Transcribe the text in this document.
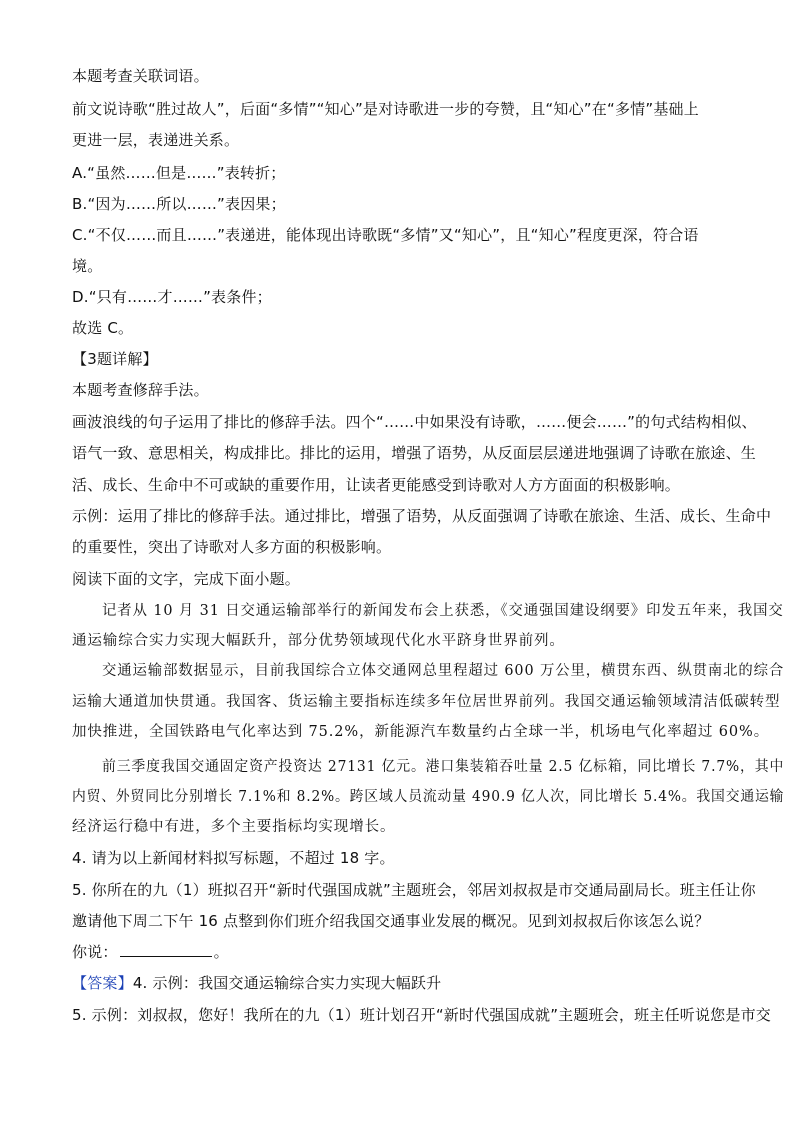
本题考查关联词语。
前文说诗歌“胜过故人”，后面“多情”“知心”是对诗歌进一步的夸赞，且“知心”在“多情”基础上
更进一层，表递进关系。
A.“虽然……但是……”表转折；
B.“因为……所以……”表因果；
C.“不仅……而且……”表递进，能体现出诗歌既“多情”又“知心”，且“知心”程度更深，符合语
境。
D.“只有……才……”表条件；
故选 C。
【3题详解】
本题考查修辞手法。
画波浪线的句子运用了排比的修辞手法。四个“……中如果没有诗歌，……便会……”的句式结构相似、
语气一致、意思相关，构成排比。排比的运用，增强了语势，从反面层层递进地强调了诗歌在旅途、生
活、成长、生命中不可或缺的重要作用，让读者更能感受到诗歌对人方方面面的积极影响。
示例：运用了排比的修辞手法。通过排比，增强了语势，从反面强调了诗歌在旅途、生活、成长、生命中
的重要性，突出了诗歌对人多方面的积极影响。
阅读下面的文字，完成下面小题。
记者从 10 月 31 日交通运输部举行的新闻发布会上获悉，《交通强国建设纲要》印发五年来，我国交
通运输综合实力实现大幅跃升，部分优势领域现代化水平跻身世界前列。
交通运输部数据显示，目前我国综合立体交通网总里程超过 600 万公里，横贯东西、纵贯南北的综合
运输大通道加快贯通。我国客、货运输主要指标连续多年位居世界前列。我国交通运输领域清洁低碳转型
加快推进，全国铁路电气化率达到 75.2%，新能源汽车数量约占全球一半，机场电气化率超过 60%。
前三季度我国交通固定资产投资达 27131 亿元。港口集装箱吞吐量 2.5 亿标箱，同比增长 7.7%，其中
内贸、外贸同比分别增长 7.1%和 8.2%。跨区域人员流动量 490.9 亿人次，同比增长 5.4%。我国交通运输
经济运行稳中有进，多个主要指标均实现增长。
4. 请为以上新闻材料拟写标题，不超过 18 字。
5. 你所在的九（1）班拟召开“新时代强国成就”主题班会，邻居刘叔叔是市交通局副局长。班主任让你
邀请他下周二下午 16 点整到你们班介绍我国交通事业发展的概况。见到刘叔叔后你该怎么说？
你说：	。
【答案】4. 示例：我国交通运输综合实力实现大幅跃升
5. 示例：刘叔叔，您好！我所在的九（1）班计划召开“新时代强国成就”主题班会，班主任听说您是市交
